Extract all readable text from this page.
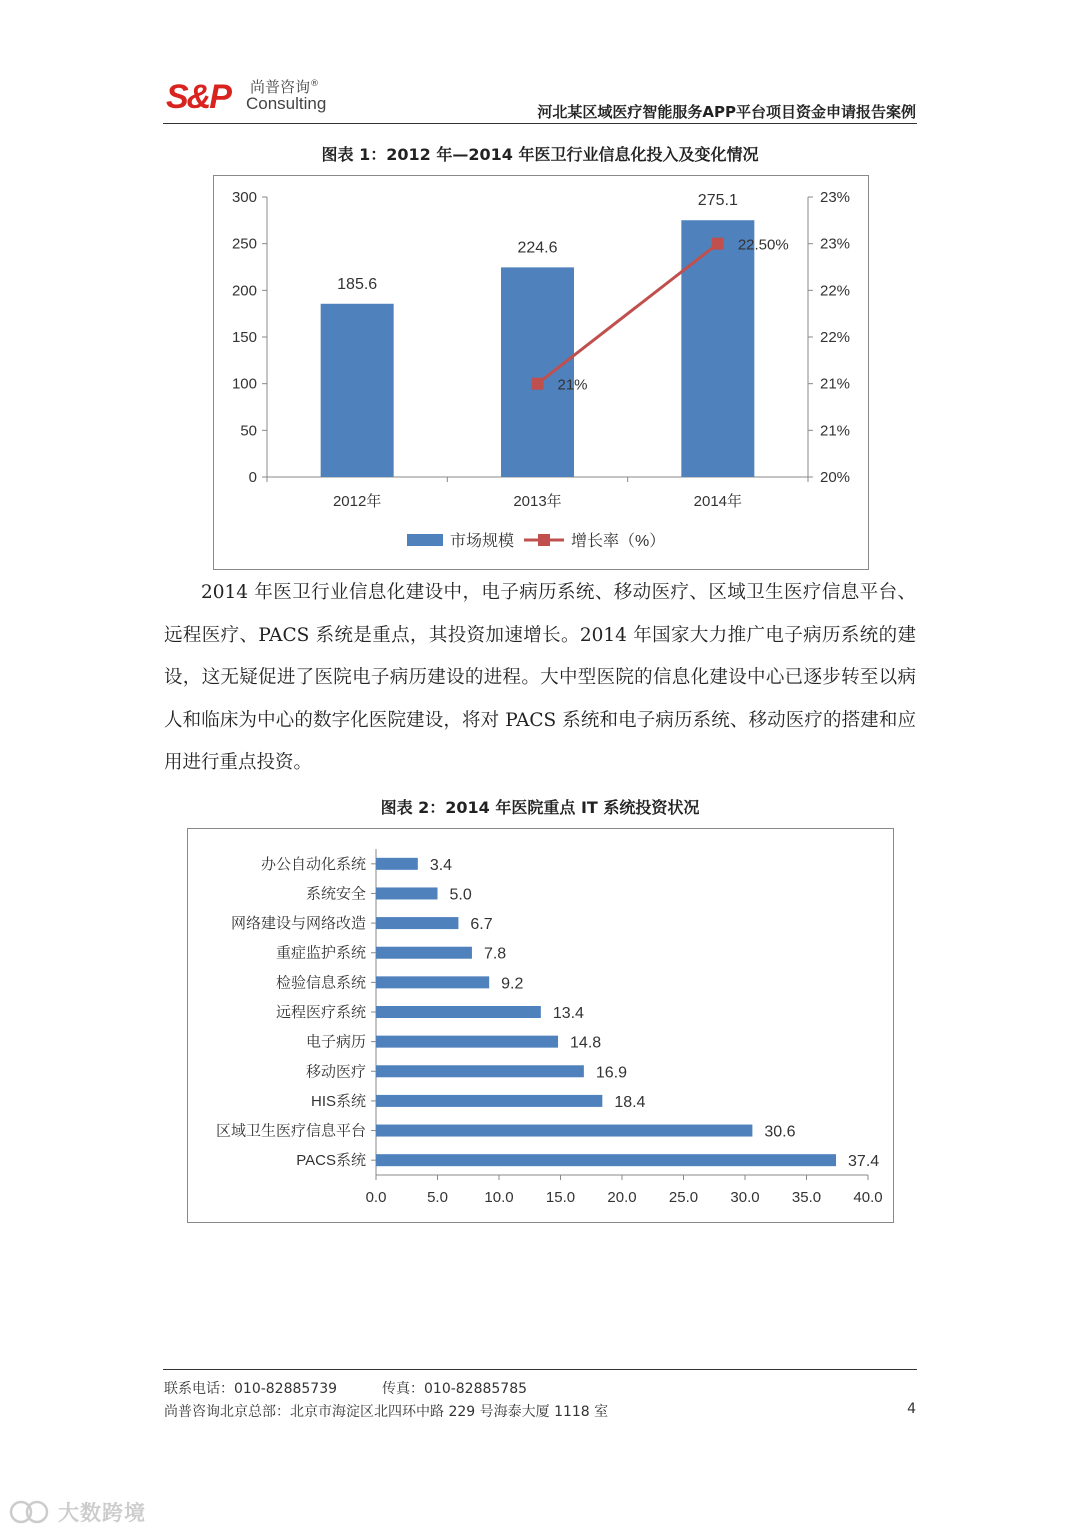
S&P 尚普咨询®
Consulting	河北某区域医疗智能服务APP平台项目资金申请报告案例
图表 1：2012 年—2014 年医卫行业信息化投入及变化情况
0
50
100
150
200
250
300
20%
21%
21%
22%
22%
23%
23%
2012年	2013年	2014年
185.6
224.6
275.1
21%
22.50%
市场规模	增长率（%）
2014 年医卫行业信息化建设中，电子病历系统、移动医疗、区域卫生医疗信息平台、远程医疗、PACS 系统是重点，其投资加速增长。2014 年国家大力推广电子病历系统的建设，这无疑促进了医院电子病历建设的进程。大中型医院的信息化建设中心已逐步转至以病人和临床为中心的数字化医院建设，将对 PACS 系统和电子病历系统、移动医疗的搭建和应用进行重点投资。
图表 2：2014 年医院重点 IT 系统投资状况
0.0	5.0 10.0 15.0 20.0 25.0 30.0 35.0 40.0
办公自动化系统	3.4
系统安全	5.0
网络建设与网络改造	6.7
重症监护系统	7.8
检验信息系统	9.2
远程医疗系统	13.4
电子病历	14.8
移动医疗	16.9
HIS系统	18.4
区域卫生医疗信息平台	30.6
PACS系统	37.4
联系电话：010-82885739	传真：010-82885785
尚普咨询北京总部：北京市海淀区北四环中路 229 号海泰大厦 1118 室	4
大数跨境
